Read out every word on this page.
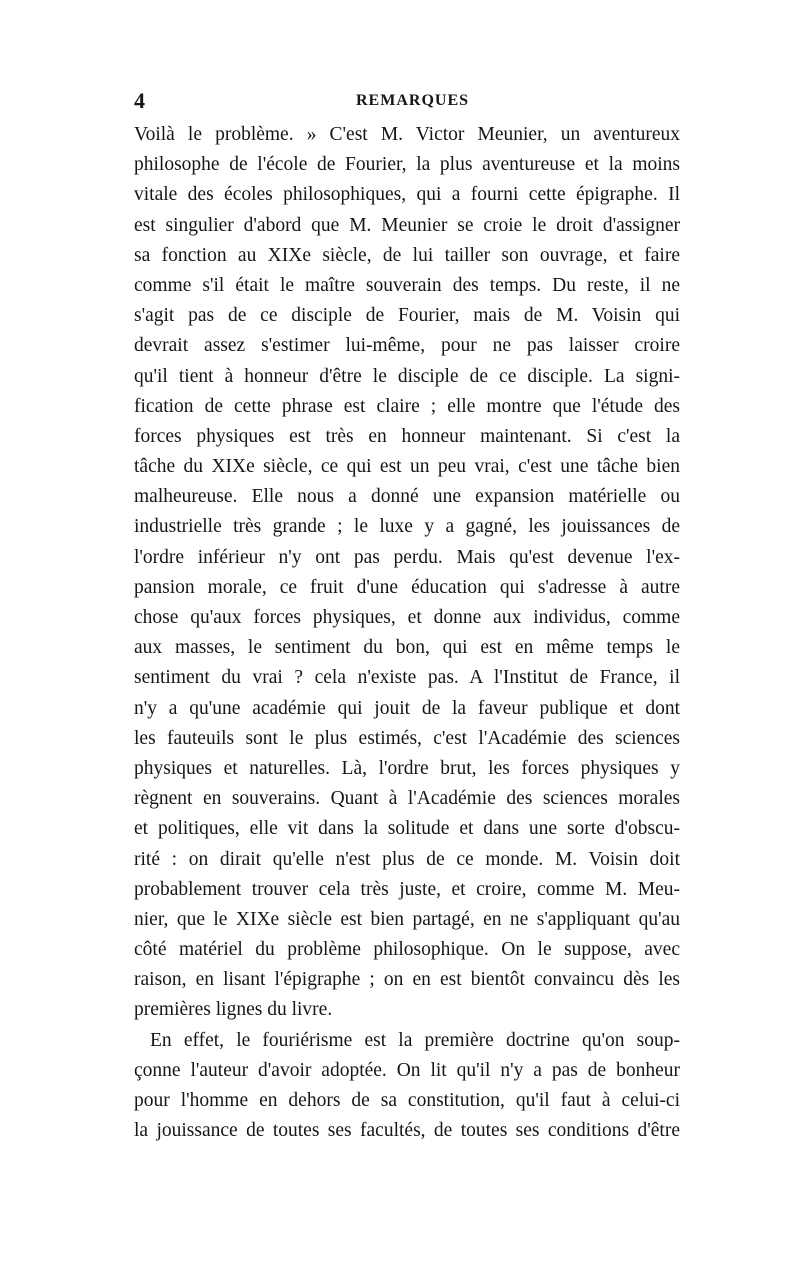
4	REMARQUES
Voilà le problème. » C'est M. Victor Meunier, un aventureux
philosophe de l'école de Fourier, la plus aventureuse et la moins
vitale des écoles philosophiques, qui a fourni cette épigraphe. Il
est singulier d'abord que M. Meunier se croie le droit d'assigner
sa fonction au XIXe siècle, de lui tailler son ouvrage, et faire
comme s'il était le maître souverain des temps. Du reste, il ne
s'agit pas de ce disciple de Fourier, mais de M. Voisin qui
devrait assez s'estimer lui-même, pour ne pas laisser croire
qu'il tient à honneur d'être le disciple de ce disciple. La signi-
fication de cette phrase est claire ; elle montre que l'étude des
forces physiques est très en honneur maintenant. Si c'est la
tâche du XIXe siècle, ce qui est un peu vrai, c'est une tâche bien
malheureuse. Elle nous a donné une expansion matérielle ou
industrielle très grande ; le luxe y a gagné, les jouissances de
l'ordre inférieur n'y ont pas perdu. Mais qu'est devenue l'ex-
pansion morale, ce fruit d'une éducation qui s'adresse à autre
chose qu'aux forces physiques, et donne aux individus, comme
aux masses, le sentiment du bon, qui est en même temps le
sentiment du vrai ? cela n'existe pas. A l'Institut de France, il
n'y a qu'une académie qui jouit de la faveur publique et dont
les fauteuils sont le plus estimés, c'est l'Académie des sciences
physiques et naturelles. Là, l'ordre brut, les forces physiques y
règnent en souverains. Quant à l'Académie des sciences morales
et politiques, elle vit dans la solitude et dans une sorte d'obscu-
rité : on dirait qu'elle n'est plus de ce monde. M. Voisin doit
probablement trouver cela très juste, et croire, comme M. Meu-
nier, que le XIXe siècle est bien partagé, en ne s'appliquant qu'au
côté matériel du problème philosophique. On le suppose, avec
raison, en lisant l'épigraphe ; on en est bientôt convaincu dès les
premières lignes du livre.
En effet, le fouriérisme est la première doctrine qu'on soup-
çonne l'auteur d'avoir adoptée. On lit qu'il n'y a pas de bonheur
pour l'homme en dehors de sa constitution, qu'il faut à celui-ci
la jouissance de toutes ses facultés, de toutes ses conditions d'être
